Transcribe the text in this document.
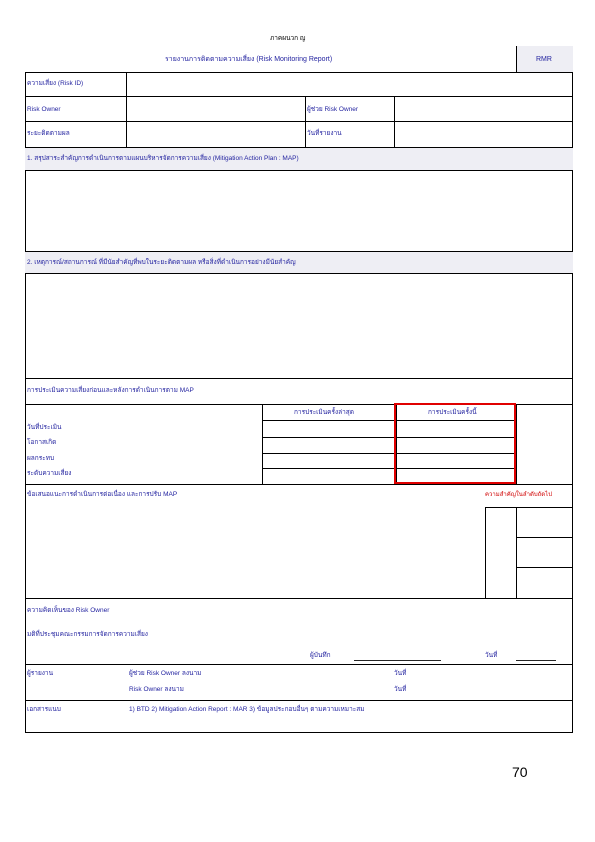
ภาคผนวก ญ
รายงานการติดตามความเสี่ยง (Risk Monitoring Report)	RMR
ความเสี่ยง (Risk ID)
Risk Owner	ผู้ช่วย Risk Owner
ระยะติดตามผล	วันที่รายงาน
1. สรุปสาระสำคัญการดำเนินการตามแผนบริหารจัดการความเสี่ยง (Mitigation Action Plan : MAP)
2. เหตุการณ์/สถานการณ์ ที่มีนัยสำคัญที่พบในระยะติดตามผล หรือสิ่งที่ดำเนินการอย่างมีนัยสำคัญ
การประเมินความเสี่ยงก่อนและหลังการดำเนินการตาม MAP
การประเมินครั้งล่าสุด	การประเมินครั้งนี้
วันที่ประเมิน
โอกาสเกิด
ผลกระทบ
ระดับความเสี่ยง
ข้อเสนอแนะการดำเนินการต่อเนื่อง และการปรับ MAP	ความสำคัญในลำดับถัดไป
ความคิดเห็นของ Risk Owner
มติที่ประชุมคณะกรรมการจัดการความเสี่ยง
ผู้บันทึก	วันที่
ผู้รายงาน	ผู้ช่วย Risk Owner ลงนาม	วันที่
Risk Owner ลงนาม	วันที่
เอกสารแนบ	1) BTD 2) Mitigation Action Report : MAR 3) ข้อมูลประกอบอื่นๆ ตามความเหมาะสม
70
